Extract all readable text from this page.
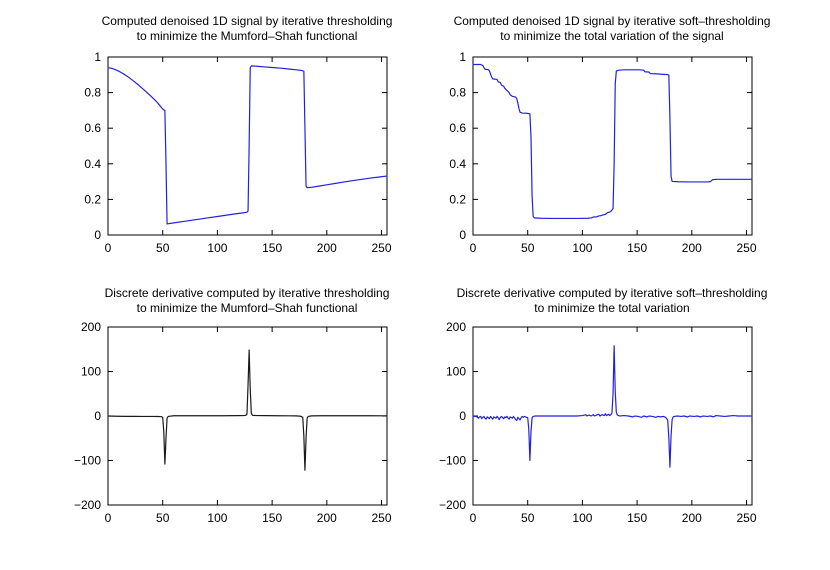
Computed denoised 1D signal by iterative thresholding
to minimize the Mumford–Shah functional
0	50	100	150	200	250
0
0.2
0.4
0.6
0.8
1
Computed denoised 1D signal by iterative soft–thresholding
to minimize the total variation of the signal
0	50	100	150	200	250
0
0.2
0.4
0.6
0.8
1
Discrete derivative computed by iterative thresholding
to minimize the Mumford–Shah functional
0	50	100	150	200	250
−200
−100
0
100
200
Discrete derivative computed by iterative soft–thresholding
to minimize the total variation
0	50	100	150	200	250
−200
−100
0
100
200
